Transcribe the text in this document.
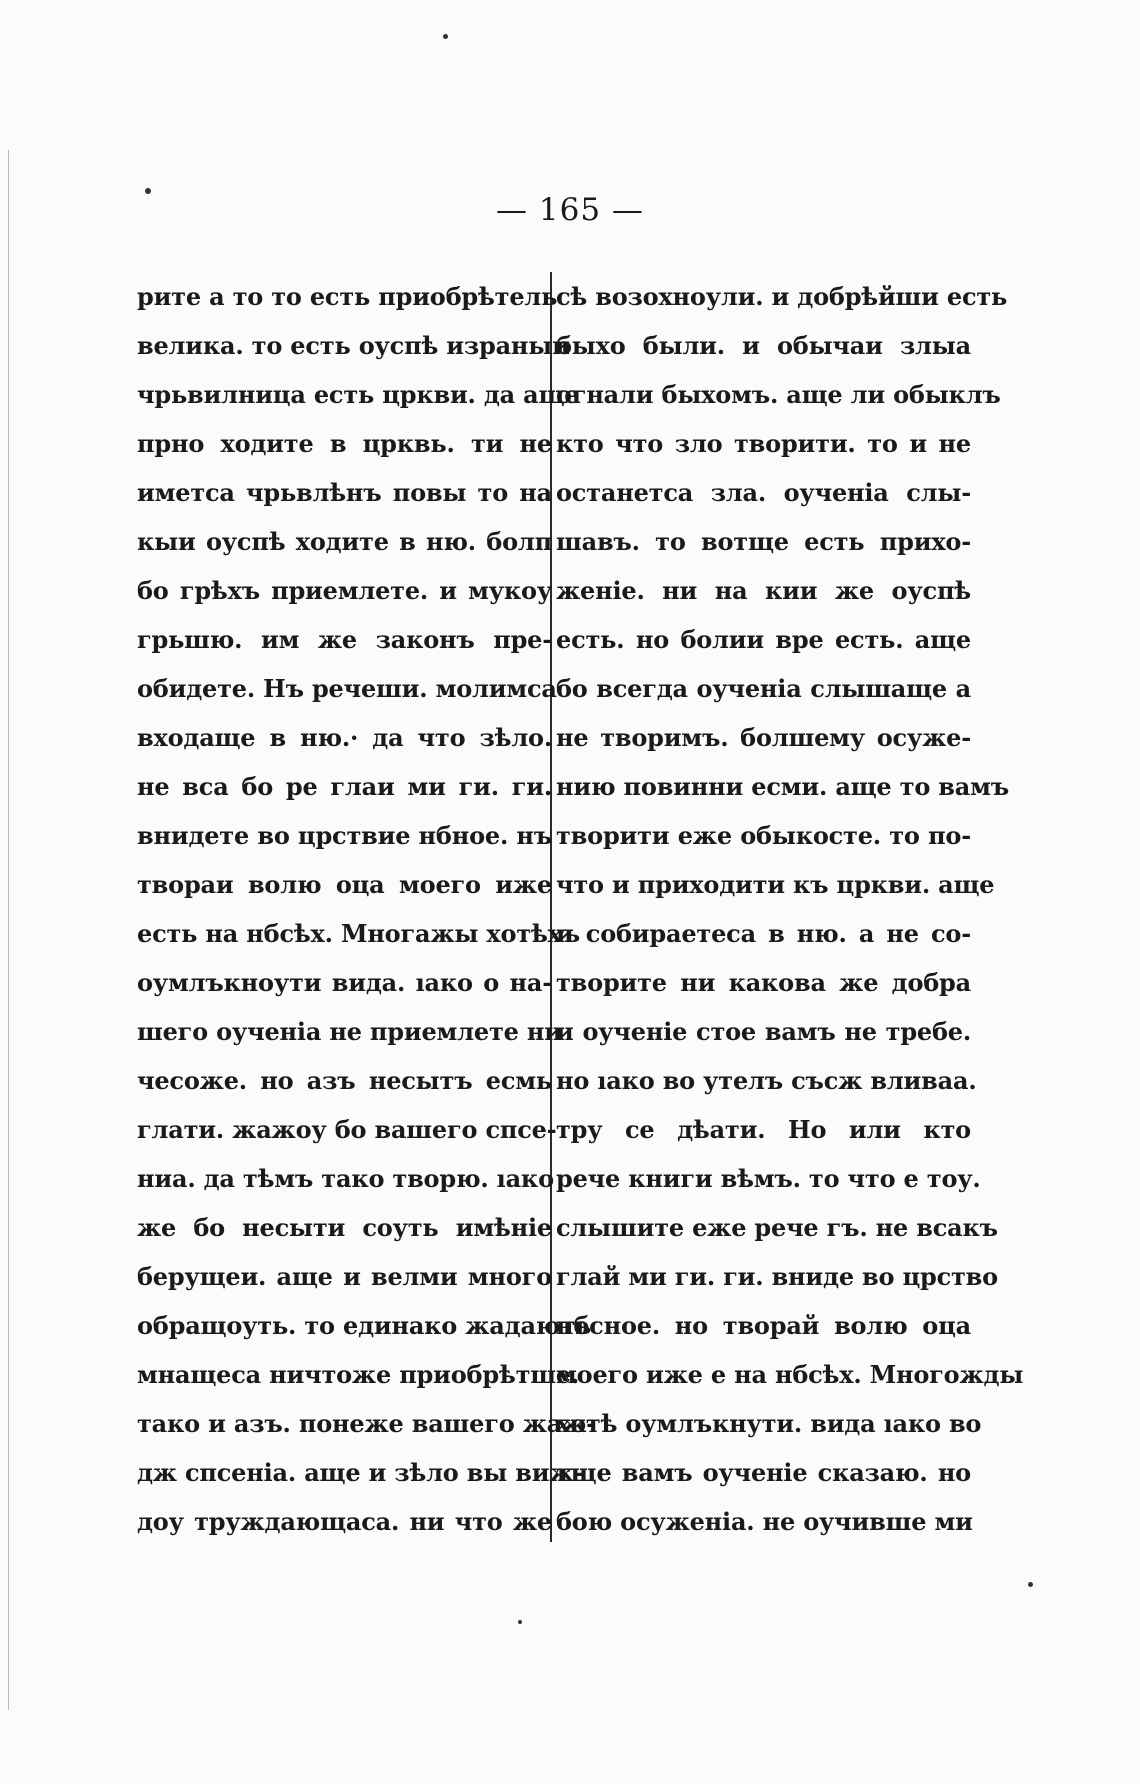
— 165 —
рите а то то есть приобрѣтель
велика. то есть оуспѣ израныи
чрьвилница есть цркви. да аще
прно ходите в црквь. ти не
иметса чрьвлѣнъ повы то на
кыи оуспѣ ходите в ню. болп
бо грѣхъ приемлете. и мукоу
грьшю. им же законъ пре-
обидете. Нъ речеши. молимса
входаще в ню.· да что зѣло.
не вса бо ре глаи ми ги. ги.
внидете во црствие нбное. нъ
твораи волю оца моего иже
есть на нбсѣх. Многажы хотѣхъ
оумлъкноути вида. ıако о на-
шего оученіа не приемлете ни
чесоже. но азъ несытъ есмь
глати. жажоу бо вашего спсе-
ниа. да тѣмъ тако творю. ıако
же бо несыти соуть имѣніе
берущеи. аще и велми много
обращоуть. то единако жадають
мнащеса ничтоже приобрѣтше.
тако и азъ. понеже вашего жаж-
дж спсеніа. аще и зѣло вы виж-
доу труждающаса. ни что же
сѣ возохноули. и добрѣйши есть
быхо были. и обычаи злыа
огнали быхомъ. аще ли обыклъ
кто что зло творити. то и не
останетса зла. оученіа слы-
шавъ. то вотще есть прихо-
женіе. ни на кии же оуспѣ
есть. но болии вре есть. аще
бо всегда оученіа слышаще а
не творимъ. болшему осуже-
нию повинни есми. аще то вамъ
творити еже обыкосте. то по-
что и приходити къ цркви. аще
и собираетеса в ню. а не со-
творите ни какова же добра
и оученіе стое вамъ не требе.
но ıако во утелъ съсж вливаа.
тру се дѣати. Но или кто
рече книги вѣмъ. то что е тоу.
слышите еже рече гъ. не всакъ
глай ми ги. ги. вниде во црство
нбсное. но творай волю оца
моего иже е на нбсѣх. Многожды
хотѣ оумлъкнути. вида ıако во
тще вамъ оученіе сказаю. но
бою осуженіа. не оучивше ми
